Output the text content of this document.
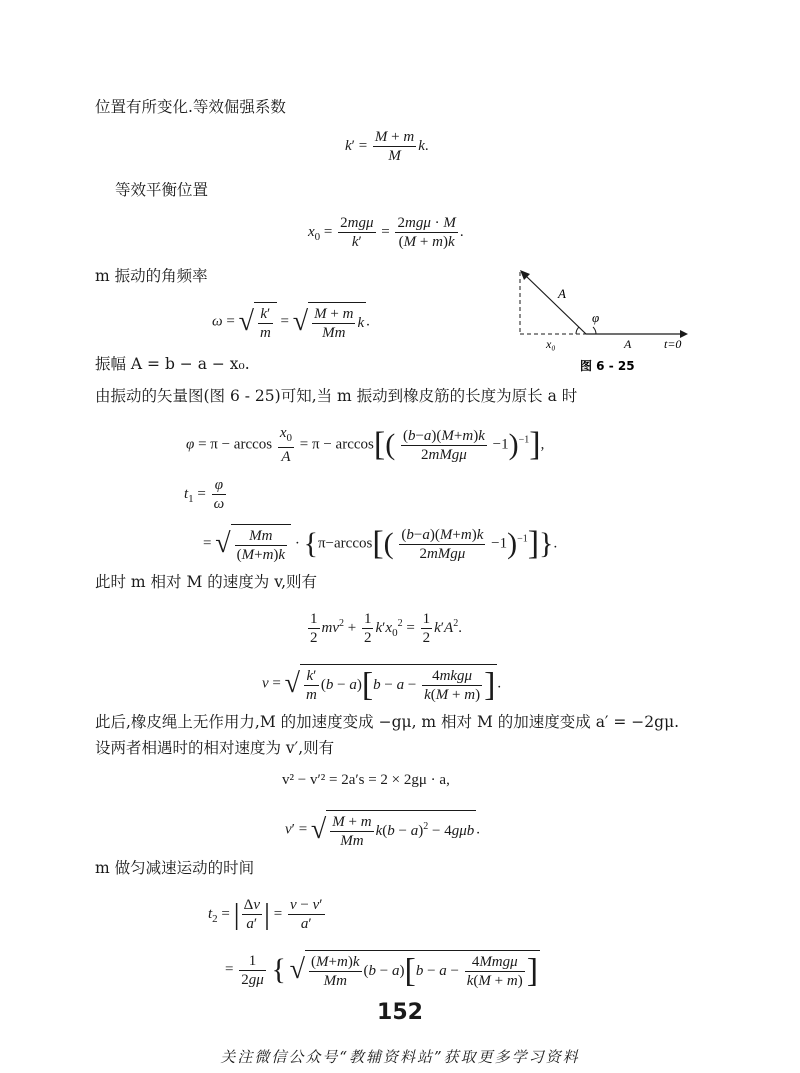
位置有所变化.等效倔强系数
$k' = \frac{M + m}{M} k$.
等效平衡位置
$x_0 = \frac{\text{2mgμ}}{k'} = \frac{\text{2mgμ · M}}{(M + m)k}$ .
m 振动的角频率
ω = √ $\frac{k'}{m}$ = √ $\frac{M + m}{Mm}$ k .
振幅 A = b − a − x₀.
A
φ
x₀	A	t=0
图 6 - 25
由振动的矢量图(图 6 - 25)可知,当 m 振动到橡皮筋的长度为原长 a 时
$\varphi = \pi - \arccos \frac{x_0}{A} = \pi - \arccos[( \frac{(b-a)(M+m)k}{\text{2mMgμ}} -1)^{-1}]$,
$t_1 = \frac{\varphi}{\omega}$
= √ $\frac{Mm}{(M+m)k} \cdot \{\pi-\arccos[( \frac{(b-a)(M+m)k}{\text{2mMgμ}} -1)^{-1}]\}$.
此时 m 相对 M 的速度为 v,则有
$\frac{1}{2} mv^2 + \frac{1}{2} k'x_0^2 = \frac{1}{2} k'A^2$.
v = √ $\frac{k'}{m} (b - a)[b - a - \frac{\text{4mkgμ}}{k(M + m)}$ ] .
此后,橡皮绳上无作用力,M 的加速度变成 −gμ, m 相对 M 的加速度变成 a′ = −2gμ.
设两者相遇时的相对速度为 v′,则有
v² − v′² = 2a′s = 2 × 2gμ · a,
v′ = √ $\frac{M + m}{Mm} k(b - a)^2 - 4g\mu b$ .
m 做匀减速运动的时间
$t_2$ = | $\frac{\Delta v}{a'}$ | = $\frac{v - v'}{a'}$
= $\frac{1}{2g\mu}$ { √ $\frac{(M+m)k}{Mm} (b - a)[b - a - \frac{\text{4Mmgμ}}{k(M + m)}$ ]
152
关注微信公众号“教辅资料站”获取更多学习资料
